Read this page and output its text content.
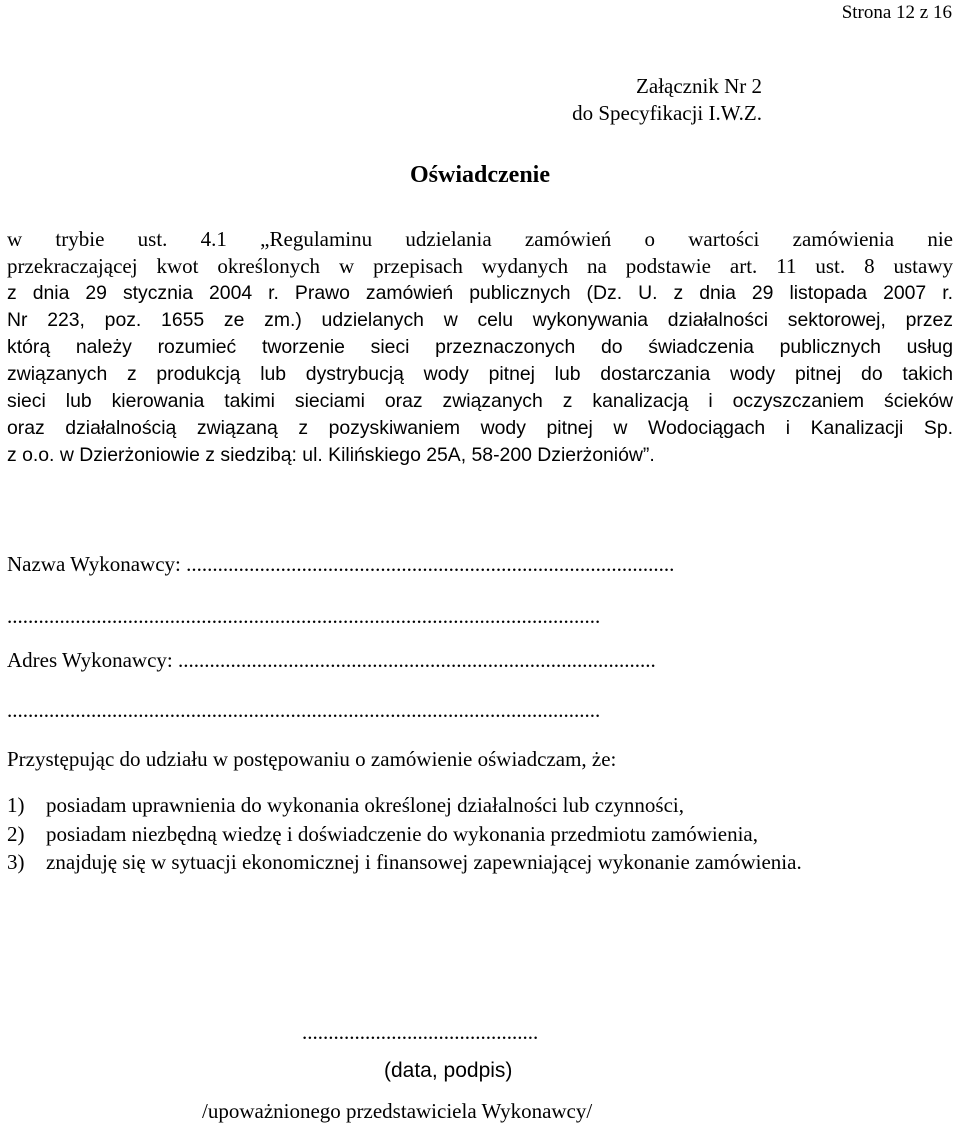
Strona 12 z 16
Załącznik Nr 2
do Specyfikacji I.W.Z.
Oświadczenie
w trybie ust. 4.1 „Regulaminu udzielania zamówień o wartości zamówienia nie
przekraczającej kwot określonych w przepisach wydanych na podstawie art. 11 ust. 8 ustawy
z dnia 29 stycznia 2004 r. Prawo zamówień publicznych (Dz. U. z dnia 29 listopada 2007 r.
Nr 223, poz. 1655 ze zm.) udzielanych w celu wykonywania działalności sektorowej, przez
którą należy rozumieć tworzenie sieci przeznaczonych do świadczenia publicznych usług
związanych z produkcją lub dystrybucją wody pitnej lub dostarczania wody pitnej do takich
sieci lub kierowania takimi sieciami oraz związanych z kanalizacją i oczyszczaniem ścieków
oraz działalnością związaną z pozyskiwaniem wody pitnej w Wodociągach i Kanalizacji Sp.
z o.o. w Dzierżoniowie z siedzibą: ul. Kilińskiego 25A, 58-200 Dzierżoniów”.
Nazwa Wykonawcy: .............................................................................................
.................................................................................................................
Adres Wykonawcy: ...........................................................................................
.................................................................................................................
Przystępując do udziału w postępowaniu o zamówienie oświadczam, że:
1) posiadam uprawnienia do wykonania określonej działalności lub czynności,
2) posiadam niezbędną wiedzę i doświadczenie do wykonania przedmiotu zamówienia,
3) znajduję się w sytuacji ekonomicznej i finansowej zapewniającej wykonanie zamówienia.
.............................................
(data, podpis)
/upoważnionego przedstawiciela Wykonawcy/
